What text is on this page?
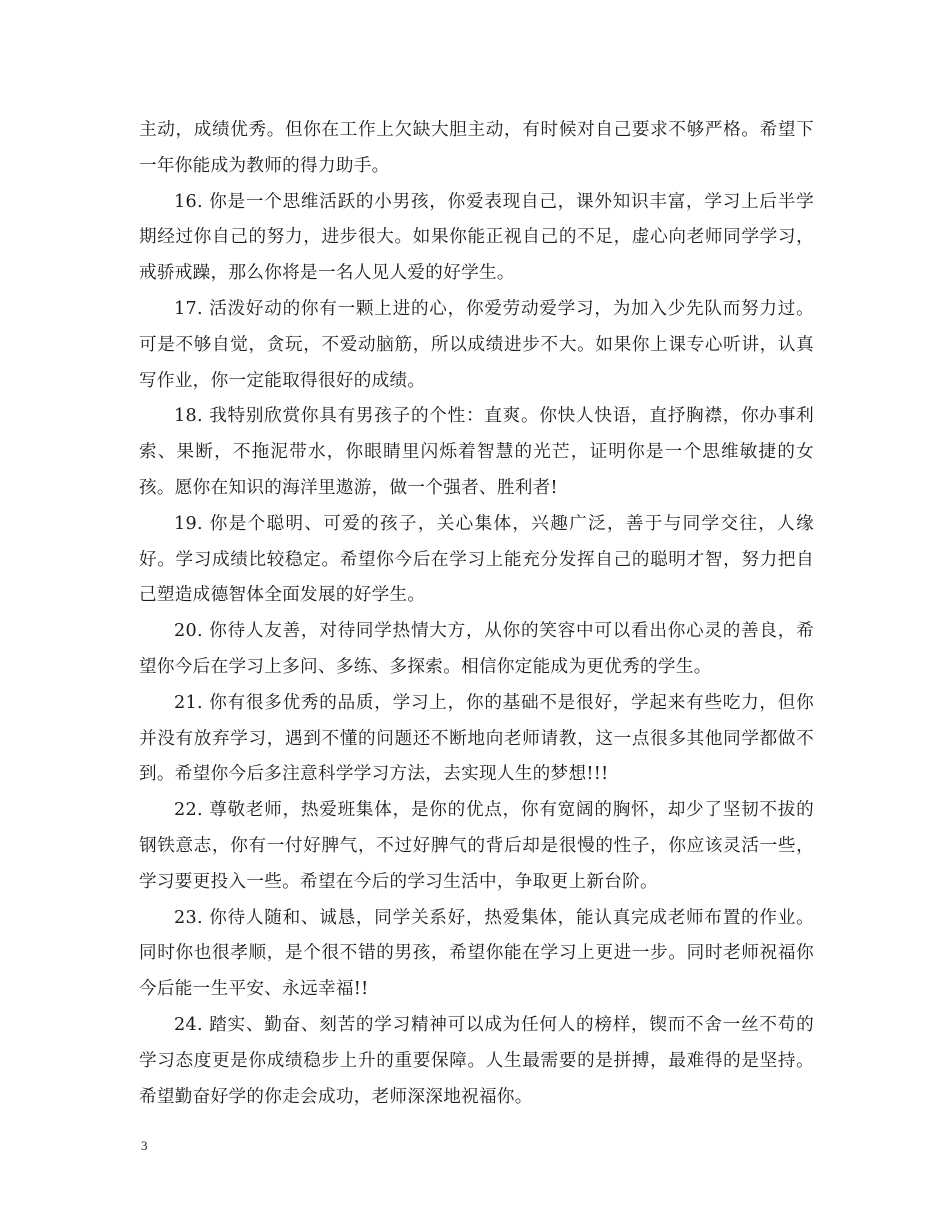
主动，成绩优秀。但你在工作上欠缺大胆主动，有时候对自己要求不够严格。希望下一年你能成为教师的得力助手。

16. 你是一个思维活跃的小男孩，你爱表现自己，课外知识丰富，学习上后半学期经过你自己的努力，进步很大。如果你能正视自己的不足，虚心向老师同学学习，戒骄戒躁，那么你将是一名人见人爱的好学生。

17. 活泼好动的你有一颗上进的心，你爱劳动爱学习，为加入少先队而努力过。可是不够自觉，贪玩，不爱动脑筋，所以成绩进步不大。如果你上课专心听讲，认真写作业，你一定能取得很好的成绩。

18. 我特别欣赏你具有男孩子的个性：直爽。你快人快语，直抒胸襟，你办事利索、果断，不拖泥带水，你眼睛里闪烁着智慧的光芒，证明你是一个思维敏捷的女孩。愿你在知识的海洋里遨游，做一个强者、胜利者!

19. 你是个聪明、可爱的孩子，关心集体，兴趣广泛，善于与同学交往，人缘好。学习成绩比较稳定。希望你今后在学习上能充分发挥自己的聪明才智，努力把自己塑造成德智体全面发展的好学生。

20. 你待人友善，对待同学热情大方，从你的笑容中可以看出你心灵的善良，希望你今后在学习上多问、多练、多探索。相信你定能成为更优秀的学生。

21. 你有很多优秀的品质，学习上，你的基础不是很好，学起来有些吃力，但你并没有放弃学习，遇到不懂的问题还不断地向老师请教，这一点很多其他同学都做不到。希望你今后多注意科学学习方法，去实现人生的梦想!!!

22. 尊敬老师，热爱班集体，是你的优点，你有宽阔的胸怀，却少了坚韧不拔的钢铁意志，你有一付好脾气，不过好脾气的背后却是很慢的性子，你应该灵活一些，学习要更投入一些。希望在今后的学习生活中，争取更上新台阶。

23. 你待人随和、诚恳，同学关系好，热爱集体，能认真完成老师布置的作业。同时你也很孝顺，是个很不错的男孩，希望你能在学习上更进一步。同时老师祝福你今后能一生平安、永远幸福!!

24. 踏实、勤奋、刻苦的学习精神可以成为任何人的榜样，锲而不舍一丝不苟的学习态度更是你成绩稳步上升的重要保障。人生最需要的是拼搏，最难得的是坚持。希望勤奋好学的你走会成功，老师深深地祝福你。

3
